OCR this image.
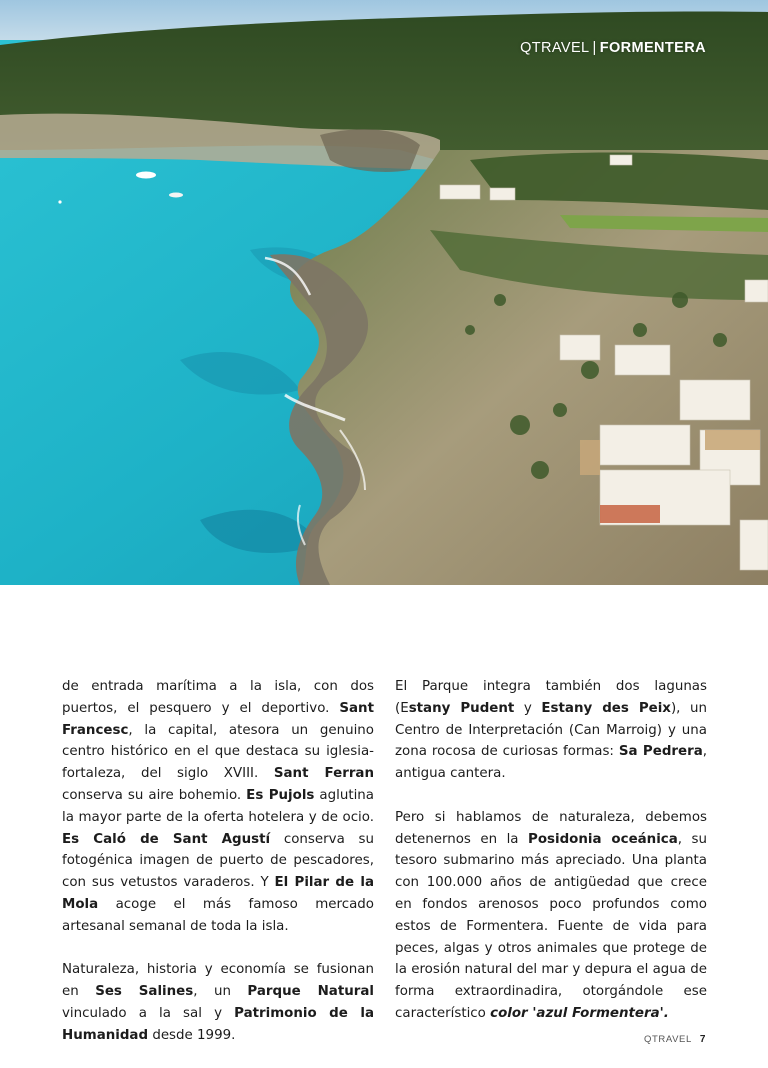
QTRAVEL | FORMENTERA

de entrada marítima a la isla, con dos puertos, el pesquero y el deportivo. Sant Francesc, la capital, atesora un genuino centro histórico en el que destaca su iglesia-fortaleza, del siglo XVIII. Sant Ferran conserva su aire bohemio. Es Pujols aglutina la mayor parte de la oferta hotelera y de ocio. Es Caló de Sant Agustí conserva su fotogénica imagen de puerto de pescadores, con sus vetustos varaderos. Y El Pilar de la Mola acoge el más famoso mercado artesanal semanal de toda la isla.

Naturaleza, historia y economía se fusionan en Ses Salines, un Parque Natural vinculado a la sal y Patrimonio de la Humanidad desde 1999.

El Parque integra también dos lagunas (Estany Pudent y Estany des Peix), un Centro de Interpretación (Can Marroig) y una zona rocosa de curiosas formas: Sa Pedrera, antigua cantera.

Pero si hablamos de naturaleza, debemos detenernos en la Posidonia oceánica, su tesoro submarino más apreciado. Una planta con 100.000 años de antigüedad que crece en fondos arenosos poco profundos como estos de Formentera. Fuente de vida para peces, algas y otros animales que protege de la erosión natural del mar y depura el agua de forma extraordinadira, otorgándole ese característico color 'azul Formentera'.

QTRAVEL 7
